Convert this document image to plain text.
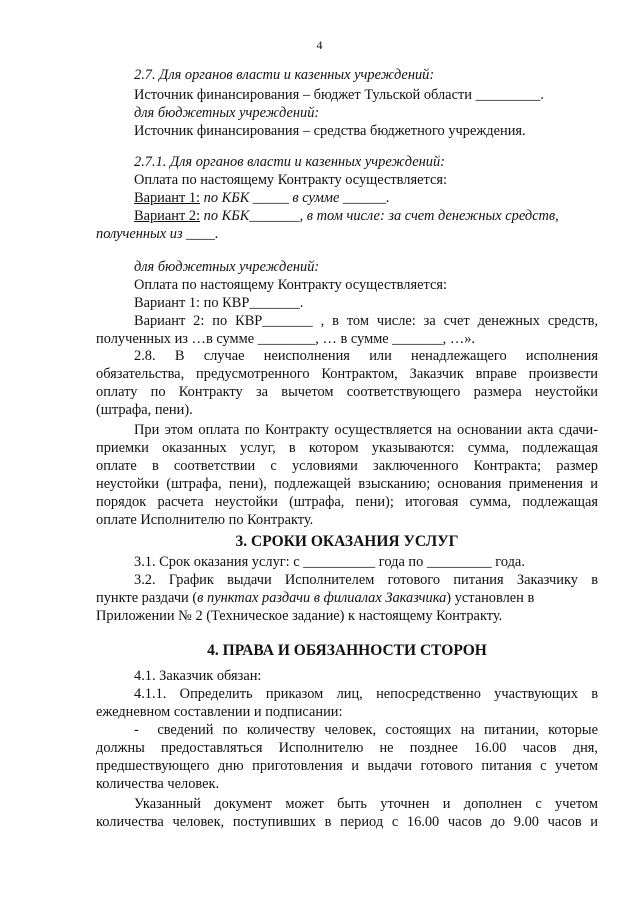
4
2.7. Для органов власти и казенных учреждений:
Источник финансирования – бюджет Тульской области _________.
для бюджетных учреждений:
Источник финансирования – средства бюджетного учреждения.
2.7.1. Для органов власти и казенных учреждений:
Оплата по настоящему Контракту осуществляется:
Вариант 1: по КБК _____ в сумме ______.
Вариант 2: по КБК_______, в том числе: за счет денежных средств,
полученных из ____.
для бюджетных учреждений:
Оплата по настоящему Контракту осуществляется:
Вариант 1: по КВР_______.
Вариант 2: по КВР_______ , в том числе: за счет денежных средств,
полученных из …в сумме ________, … в сумме _______, …».
2.8. В случае неисполнения или ненадлежащего исполнения
обязательства, предусмотренного Контрактом, Заказчик вправе произвести
оплату по Контракту за вычетом соответствующего размера неустойки
(штрафа, пени).
При этом оплата по Контракту осуществляется на основании акта сдачи-
приемки оказанных услуг, в котором указываются: сумма, подлежащая
оплате в соответствии с условиями заключенного Контракта; размер
неустойки (штрафа, пени), подлежащей взысканию; основания применения и
порядок расчета неустойки (штрафа, пени); итоговая сумма, подлежащая
оплате Исполнителю по Контракту.
3. СРОКИ ОКАЗАНИЯ УСЛУГ
3.1. Срок оказания услуг: с __________ года по _________ года.
3.2. График выдачи Исполнителем готового питания Заказчику в
пункте раздачи (в пунктах раздачи в филиалах Заказчика) установлен в
Приложении № 2 (Техническое задание) к настоящему Контракту.
4. ПРАВА И ОБЯЗАННОСТИ СТОРОН
4.1. Заказчик обязан:
4.1.1. Определить приказом лиц, непосредственно участвующих в
ежедневном составлении и подписании:
-  сведений по количеству человек, состоящих на питании, которые
должны предоставляться Исполнителю не позднее 16.00 часов дня,
предшествующего дню приготовления и выдачи готового питания с учетом
количества человек.
Указанный документ может быть уточнен и дополнен с учетом
количества человек, поступивших в период с 16.00 часов до 9.00 часов и
